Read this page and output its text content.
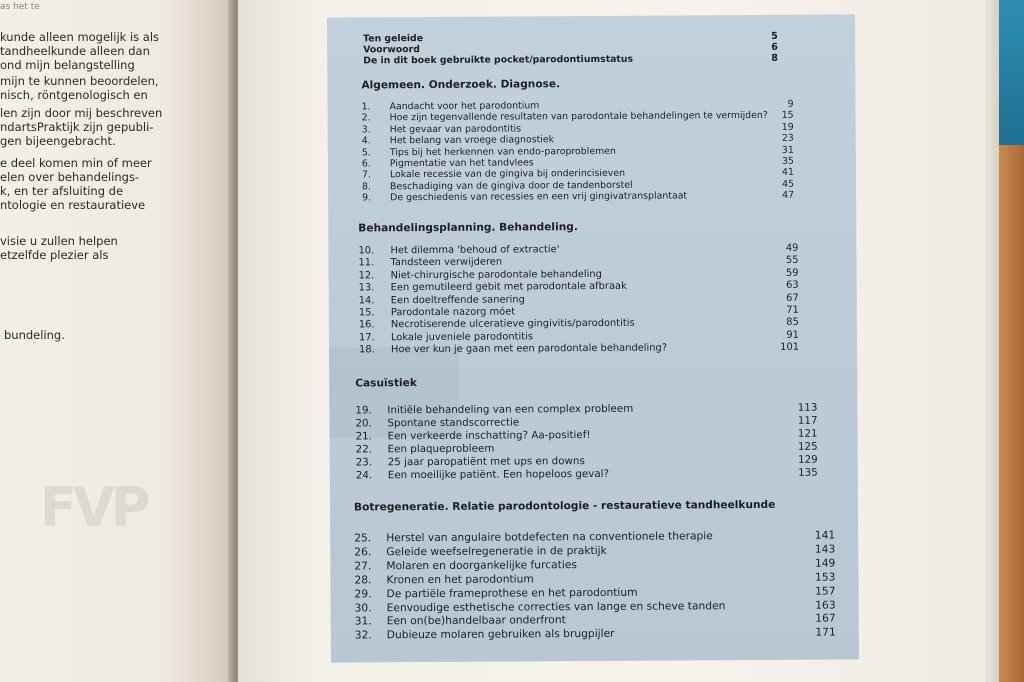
as het te
kunde alleen mogelijk is als
tandheelkunde alleen dan
ond mijn belangstelling
mijn te kunnen beoordelen,
nisch, röntgenologisch en
len zijn door mij beschreven
ndartsPraktijk zijn gepubli-
gen bijeengebracht.
e deel komen min of meer
elen over behandelings-
k, en ter afsluiting de
ntologie en restauratieve
visie u zullen helpen
etzelfde plezier als
bundeling.
FVP
Ten geleide	5
Voorwoord	6
De in dit boek gebruikte pocket/parodontiumstatus	8
Algemeen. Onderzoek. Diagnose.
1. Aandacht voor het parodontium	9
2. Hoe zijn tegenvallende resultaten van parodontale behandelingen te vermijden?	15
3. Het gevaar van parodontitis	19
4. Het belang van vroege diagnostiek	23
5. Tips bij het herkennen van endo-paroproblemen	31
6. Pigmentatie van het tandvlees	35
7. Lokale recessie van de gingiva bij onderincisieven	41
8. Beschadiging van de gingiva door de tandenborstel	45
9. De geschiedenis van recessies en een vrij gingivatransplantaat	47
Behandelingsplanning. Behandeling.
10. Het dilemma 'behoud of extractie'	49
11. Tandsteen verwijderen	55
12. Niet-chirurgische parodontale behandeling	59
13. Een gemutileerd gebit met parodontale afbraak	63
14. Een doeltreffende sanering	67
15. Parodontale nazorg móet	71
16. Necrotiserende ulceratieve gingivitis/parodontitis	85
17. Lokale juveniele parodontitis	91
18. Hoe ver kun je gaan met een parodontale behandeling?	101
Casuïstiek
19. Initiële behandeling van een complex probleem	113
20. Spontane standscorrectie	117
21. Een verkeerde inschatting? Aa-positief!	121
22. Een plaqueprobleem	125
23. 25 jaar paropatiënt met ups en downs	129
24. Een moeilijke patiënt. Een hopeloos geval?	135
Botregeneratie. Relatie parodontologie - restauratieve tandheelkunde
25. Herstel van angulaire botdefecten na conventionele therapie	141
26. Geleide weefselregeneratie in de praktijk	143
27. Molaren en doorgankelijke furcaties	149
28. Kronen en het parodontium	153
29. De partiële frameprothese en het parodontium	157
30. Eenvoudige esthetische correcties van lange en scheve tanden	163
31. Een on(be)handelbaar onderfront	167
32. Dubieuze molaren gebruiken als brugpijler	171
